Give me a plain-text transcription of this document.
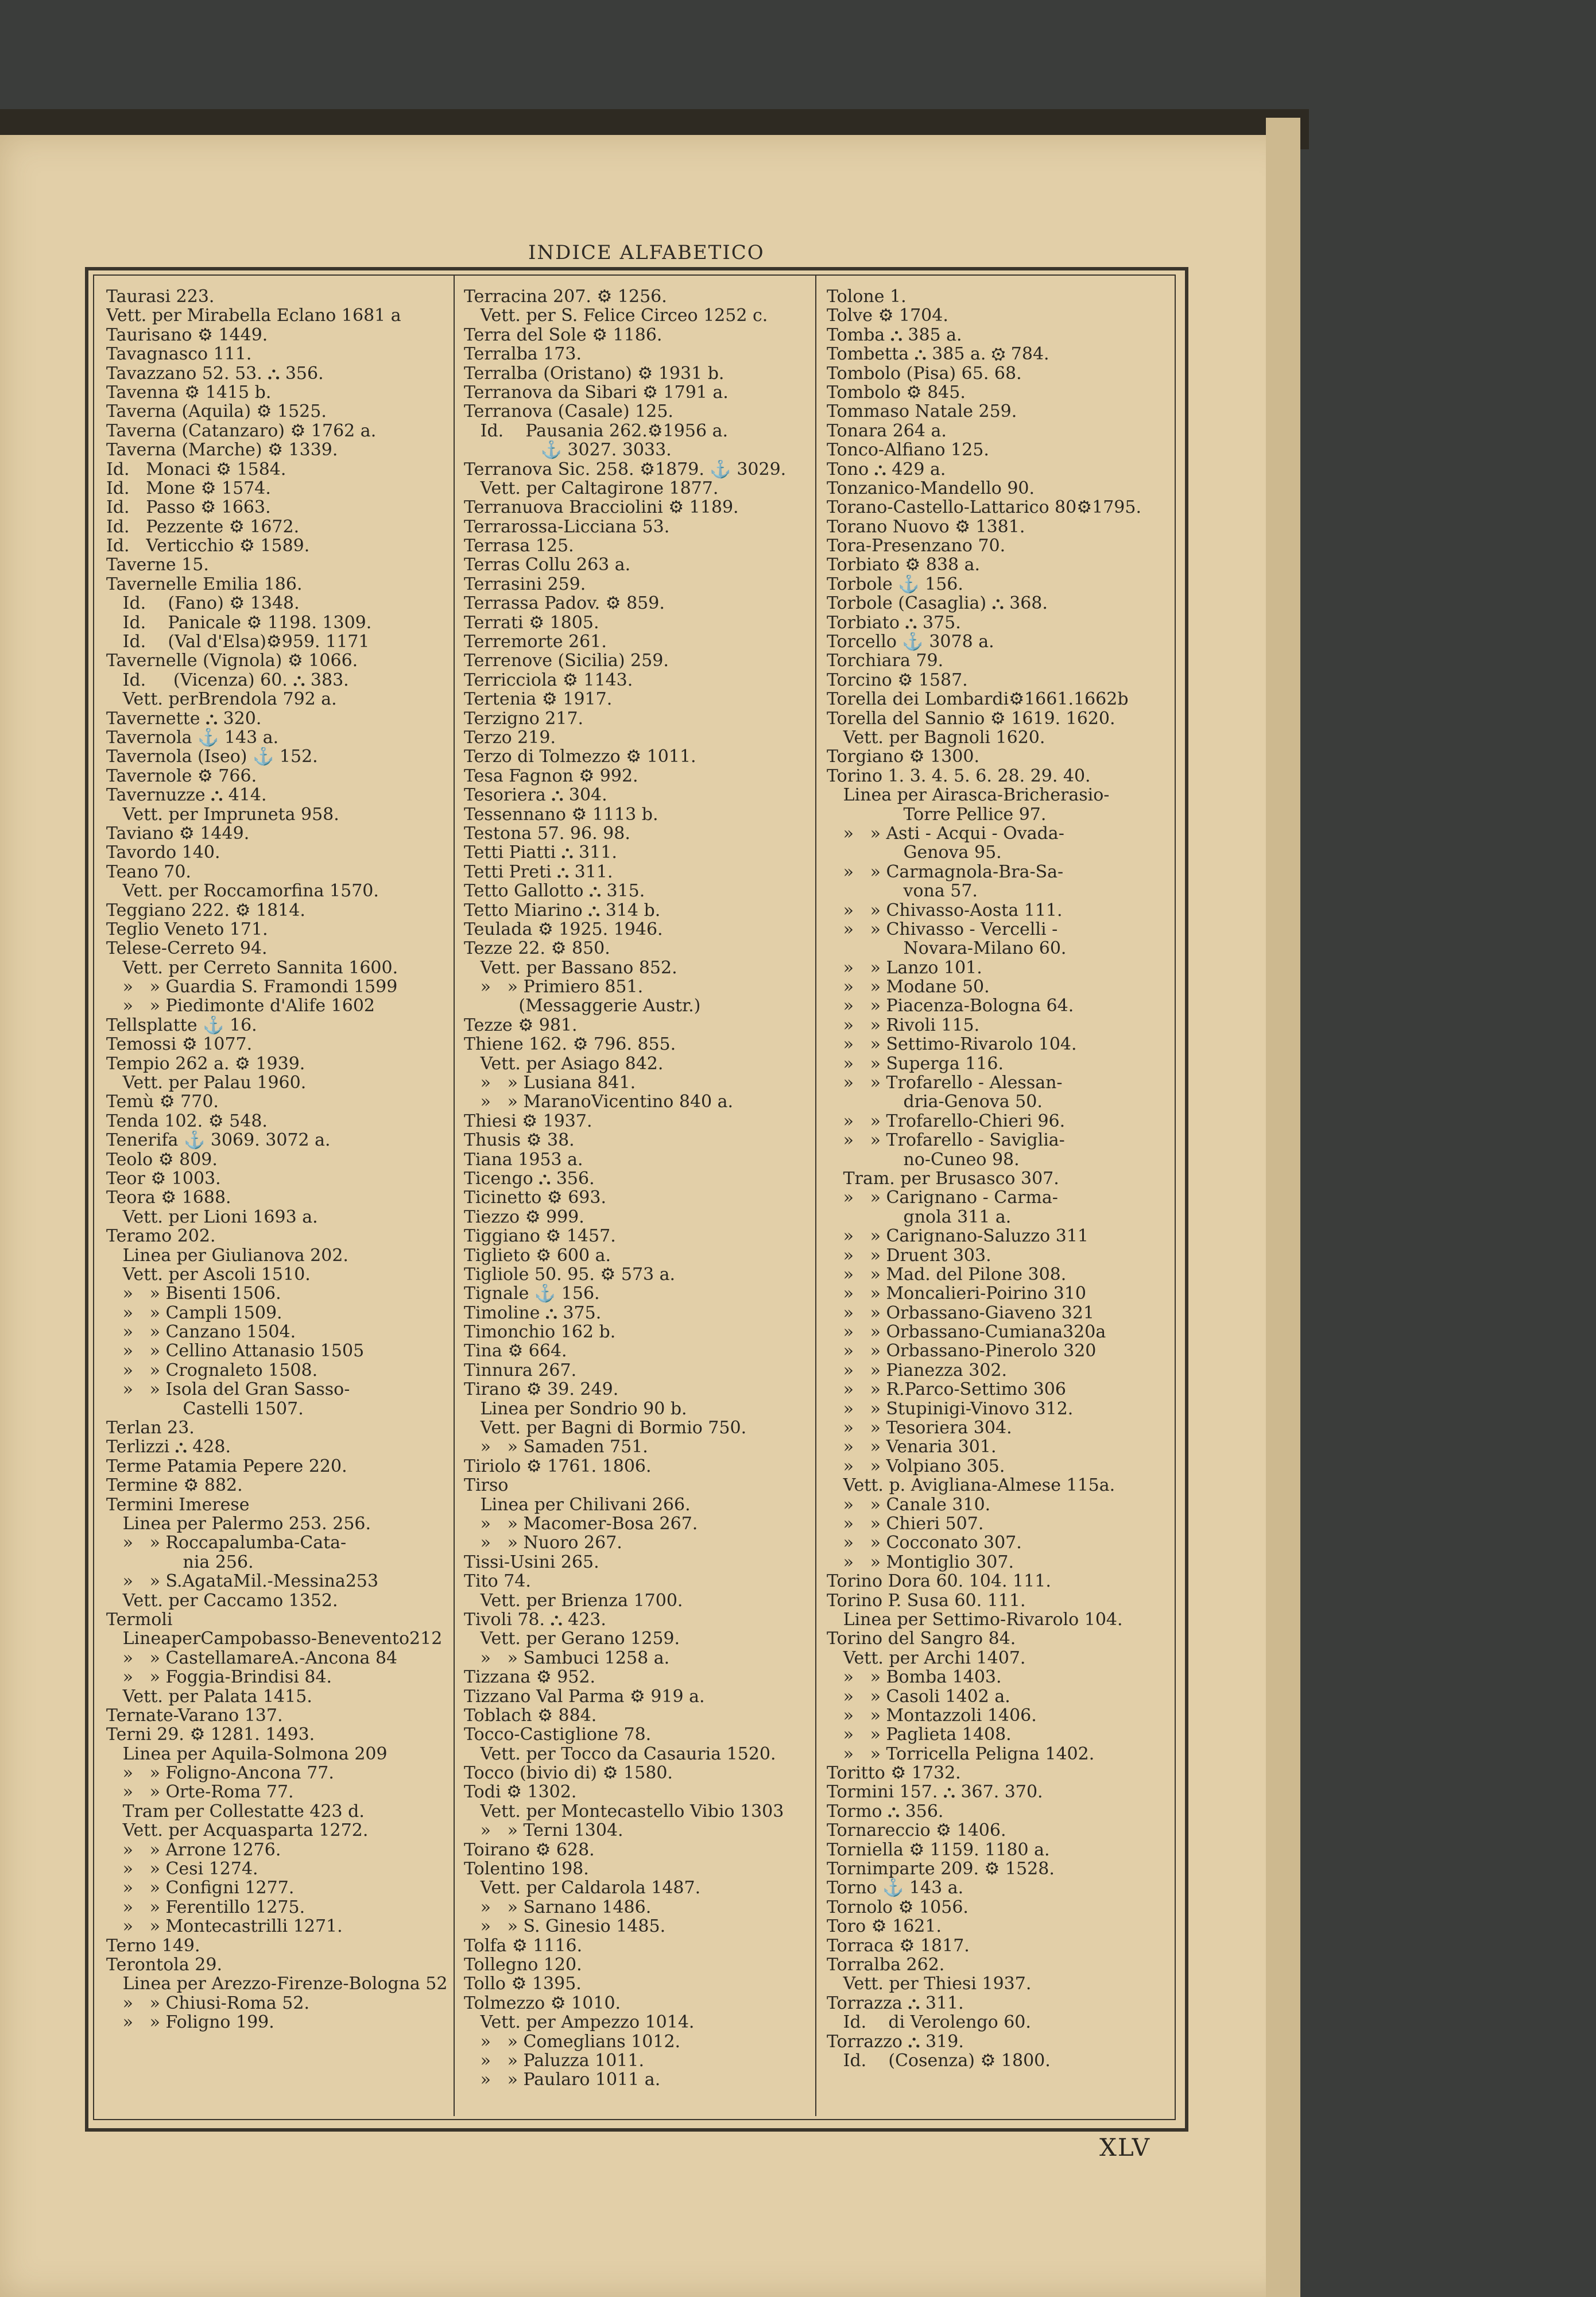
INDICE ALFABETICO
Taurasi 223.
Vett. per Mirabella Eclano 1681 a
Taurisano ⚙ 1449.
Tavagnasco 111.
Tavazzano 52. 53. ⛬ 356.
Tavenna ⚙ 1415 b.
Taverna (Aquila) ⚙ 1525.
Taverna (Catanzaro) ⚙ 1762 a.
Taverna (Marche) ⚙ 1339.
Id.   Monaci ⚙ 1584.
Id.   Mone ⚙ 1574.
Id.   Passo ⚙ 1663.
Id.   Pezzente ⚙ 1672.
Id.   Verticchio ⚙ 1589.
Taverne 15.
Tavernelle Emilia 186.
Id.    (Fano) ⚙ 1348.
Id.    Panicale ⚙ 1198. 1309.
Id.    (Val d'Elsa)⚙959. 1171
Tavernelle (Vignola) ⚙ 1066.
Id.     (Vicenza) 60. ⛬ 383.
Vett. perBrendola 792 a.
Tavernette ⛬ 320.
Tavernola ⚓ 143 a.
Tavernola (Iseo) ⚓ 152.
Tavernole ⚙ 766.
Tavernuzze ⛬ 414.
Vett. per Impruneta 958.
Taviano ⚙ 1449.
Tavordo 140.
Teano 70.
Vett. per Roccamorfina 1570.
Teggiano 222. ⚙ 1814.
Teglio Veneto 171.
Telese-Cerreto 94.
Vett. per Cerreto Sannita 1600.
»   » Guardia S. Framondi 1599
»   » Piedimonte d'Alife 1602
Tellsplatte ⚓ 16.
Temossi ⚙ 1077.
Tempio 262 a. ⚙ 1939.
Vett. per Palau 1960.
Temù ⚙ 770.
Tenda 102. ⚙ 548.
Tenerifa ⚓ 3069. 3072 a.
Teolo ⚙ 809.
Teor ⚙ 1003.
Teora ⚙ 1688.
Vett. per Lioni 1693 a.
Teramo 202.
Linea per Giulianova 202.
Vett. per Ascoli 1510.
»   » Bisenti 1506.
»   » Campli 1509.
»   » Canzano 1504.
»   » Cellino Attanasio 1505
»   » Crognaleto 1508.
»   » Isola del Gran Sasso-
Castelli 1507.
Terlan 23.
Terlizzi ⛬ 428.
Terme Patamia Pepere 220.
Termine ⚙ 882.
Termini Imerese
Linea per Palermo 253. 256.
»   » Roccapalumba-Cata-
nia 256.
»   » S.AgataMil.-Messina253
Vett. per Caccamo 1352.
Termoli
LineaperCampobasso-Benevento212
»   » CastellamareA.-Ancona 84
»   » Foggia-Brindisi 84.
Vett. per Palata 1415.
Ternate-Varano 137.
Terni 29. ⚙ 1281. 1493.
Linea per Aquila-Solmona 209
»   » Foligno-Ancona 77.
»   » Orte-Roma 77.
Tram per Collestatte 423 d.
Vett. per Acquasparta 1272.
»   » Arrone 1276.
»   » Cesi 1274.
»   » Configni 1277.
»   » Ferentillo 1275.
»   » Montecastrilli 1271.
Terno 149.
Terontola 29.
Linea per Arezzo-Firenze-Bologna 52
»   » Chiusi-Roma 52.
»   » Foligno 199.
Terracina 207. ⚙ 1256.
Vett. per S. Felice Circeo 1252 c.
Terra del Sole ⚙ 1186.
Terralba 173.
Terralba (Oristano) ⚙ 1931 b.
Terranova da Sibari ⚙ 1791 a.
Terranova (Casale) 125.
Id.    Pausania 262.⚙1956 a.
⚓ 3027. 3033.
Terranova Sic. 258. ⚙1879. ⚓ 3029.
Vett. per Caltagirone 1877.
Terranuova Bracciolini ⚙ 1189.
Terrarossa-Licciana 53.
Terrasa 125.
Terras Collu 263 a.
Terrasini 259.
Terrassa Padov. ⚙ 859.
Terrati ⚙ 1805.
Terremorte 261.
Terrenove (Sicilia) 259.
Terricciola ⚙ 1143.
Tertenia ⚙ 1917.
Terzigno 217.
Terzo 219.
Terzo di Tolmezzo ⚙ 1011.
Tesa Fagnon ⚙ 992.
Tesoriera ⛬ 304.
Tessennano ⚙ 1113 b.
Testona 57. 96. 98.
Tetti Piatti ⛬ 311.
Tetti Preti ⛬ 311.
Tetto Gallotto ⛬ 315.
Tetto Miarino ⛬ 314 b.
Teulada ⚙ 1925. 1946.
Tezze 22. ⚙ 850.
Vett. per Bassano 852.
»   » Primiero 851.
(Messaggerie Austr.)
Tezze ⚙ 981.
Thiene 162. ⚙ 796. 855.
Vett. per Asiago 842.
»   » Lusiana 841.
»   » MaranoVicentino 840 a.
Thiesi ⚙ 1937.
Thusis ⚙ 38.
Tiana 1953 a.
Ticengo ⛬ 356.
Ticinetto ⚙ 693.
Tiezzo ⚙ 999.
Tiggiano ⚙ 1457.
Tiglieto ⚙ 600 a.
Tigliole 50. 95. ⚙ 573 a.
Tignale ⚓ 156.
Timoline ⛬ 375.
Timonchio 162 b.
Tina ⚙ 664.
Tinnura 267.
Tirano ⚙ 39. 249.
Linea per Sondrio 90 b.
Vett. per Bagni di Bormio 750.
»   » Samaden 751.
Tiriolo ⚙ 1761. 1806.
Tirso
Linea per Chilivani 266.
»   » Macomer-Bosa 267.
»   » Nuoro 267.
Tissi-Usini 265.
Tito 74.
Vett. per Brienza 1700.
Tivoli 78. ⛬ 423.
Vett. per Gerano 1259.
»   » Sambuci 1258 a.
Tizzana ⚙ 952.
Tizzano Val Parma ⚙ 919 a.
Toblach ⚙ 884.
Tocco-Castiglione 78.
Vett. per Tocco da Casauria 1520.
Tocco (bivio di) ⚙ 1580.
Todi ⚙ 1302.
Vett. per Montecastello Vibio 1303
»   » Terni 1304.
Toirano ⚙ 628.
Tolentino 198.
Vett. per Caldarola 1487.
»   » Sarnano 1486.
»   » S. Ginesio 1485.
Tolfa ⚙ 1116.
Tollegno 120.
Tollo ⚙ 1395.
Tolmezzo ⚙ 1010.
Vett. per Ampezzo 1014.
»   » Comeglians 1012.
»   » Paluzza 1011.
»   » Paularo 1011 a.
Tolone 1.
Tolve ⚙ 1704.
Tomba ⛬ 385 a.
Tombetta ⛬ 385 a. ⚙ 784.
Tombolo (Pisa) 65. 68.
Tombolo ⚙ 845.
Tommaso Natale 259.
Tonara 264 a.
Tonco-Alfiano 125.
Tono ⛬ 429 a.
Tonzanico-Mandello 90.
Torano-Castello-Lattarico 80⚙1795.
Torano Nuovo ⚙ 1381.
Tora-Presenzano 70.
Torbiato ⚙ 838 a.
Torbole ⚓ 156.
Torbole (Casaglia) ⛬ 368.
Torbiato ⛬ 375.
Torcello ⚓ 3078 a.
Torchiara 79.
Torcino ⚙ 1587.
Torella dei Lombardi⚙1661.1662b
Torella del Sannio ⚙ 1619. 1620.
Vett. per Bagnoli 1620.
Torgiano ⚙ 1300.
Torino 1. 3. 4. 5. 6. 28. 29. 40.
Linea per Airasca-Bricherasio-
Torre Pellice 97.
»   » Asti - Acqui - Ovada-
Genova 95.
»   » Carmagnola-Bra-Sa-
vona 57.
»   » Chivasso-Aosta 111.
»   » Chivasso - Vercelli -
Novara-Milano 60.
»   » Lanzo 101.
»   » Modane 50.
»   » Piacenza-Bologna 64.
»   » Rivoli 115.
»   » Settimo-Rivarolo 104.
»   » Superga 116.
»   » Trofarello - Alessan-
dria-Genova 50.
»   » Trofarello-Chieri 96.
»   » Trofarello - Savigliа-
no-Cuneo 98.
Tram. per Brusasco 307.
»   » Carignano - Carma-
gnola 311 a.
»   » Carignano-Saluzzo 311
»   » Druent 303.
»   » Mad. del Pilone 308.
»   » Moncalieri-Poirino 310
»   » Orbassano-Giaveno 321
»   » Orbassano-Cumiana320a
»   » Orbassano-Pinerolo 320
»   » Pianezza 302.
»   » R.Parco-Settimo 306
»   » Stupinigi-Vinovo 312.
»   » Tesoriera 304.
»   » Venaria 301.
»   » Volpiano 305.
Vett. p. Avigliana-Almese 115a.
»   » Canale 310.
»   » Chieri 507.
»   » Cocconato 307.
»   » Montiglio 307.
Torino Dora 60. 104. 111.
Torino P. Susa 60. 111.
Linea per Settimo-Rivarolo 104.
Torino del Sangro 84.
Vett. per Archi 1407.
»   » Bomba 1403.
»   » Casoli 1402 a.
»   » Montazzoli 1406.
»   » Paglieta 1408.
»   » Torricella Peligna 1402.
Toritto ⚙ 1732.
Tormini 157. ⛬ 367. 370.
Tormo ⛬ 356.
Tornareccio ⚙ 1406.
Torniella ⚙ 1159. 1180 a.
Tornimparte 209. ⚙ 1528.
Torno ⚓ 143 a.
Tornolo ⚙ 1056.
Toro ⚙ 1621.
Torraca ⚙ 1817.
Torralba 262.
Vett. per Thiesi 1937.
Torrazza ⛬ 311.
Id.    di Verolengo 60.
Torrazzo ⛬ 319.
Id.    (Cosenza) ⚙ 1800.
XLV
